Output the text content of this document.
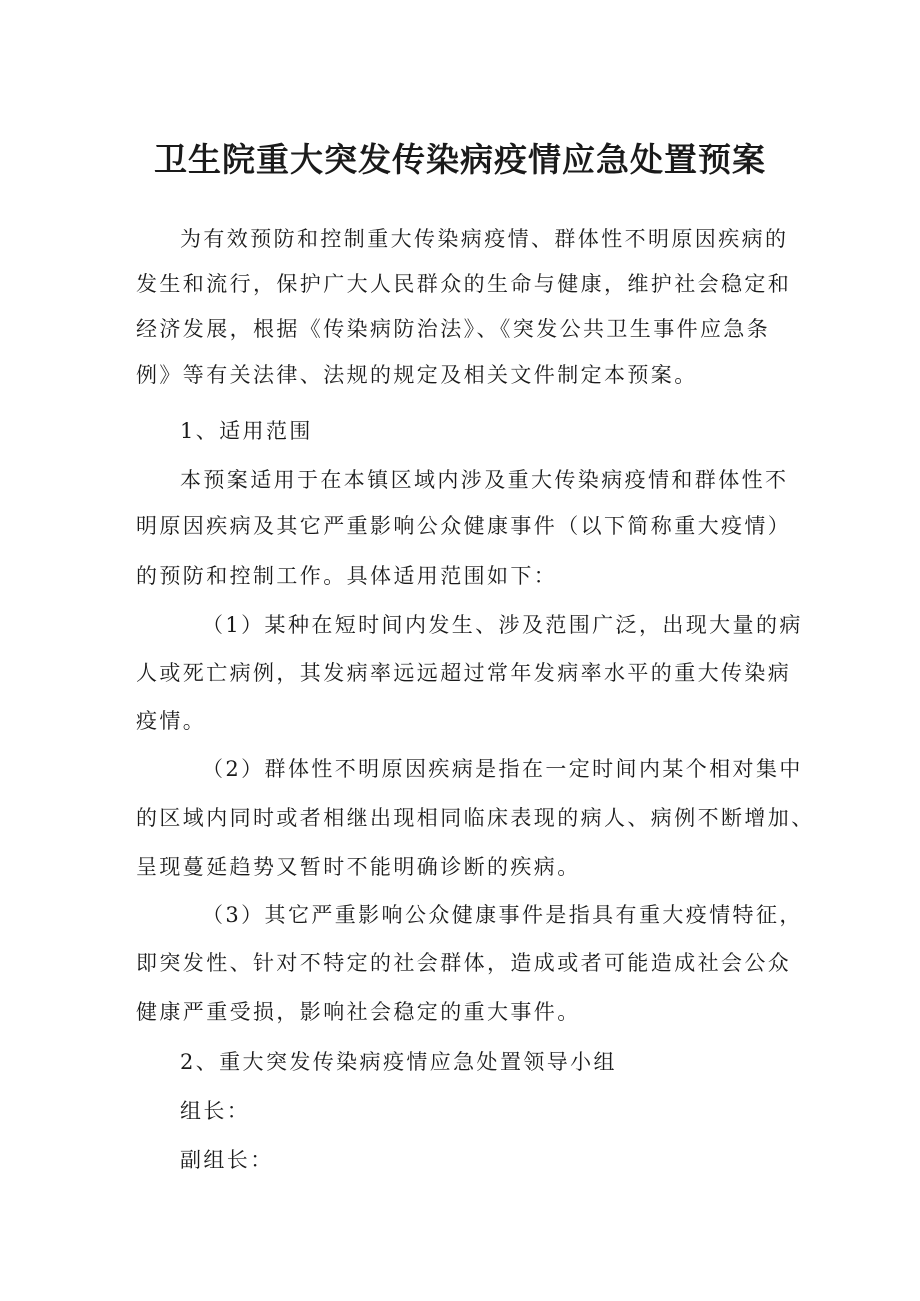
卫生院重大突发传染病疫情应急处置预案

为有效预防和控制重大传染病疫情、群体性不明原因疾病的

发生和流行，保护广大人民群众的生命与健康，维护社会稳定和

经济发展，根据《传染病防治法》、《突发公共卫生事件应急条

例》等有关法律、法规的规定及相关文件制定本预案。

1、适用范围

本预案适用于在本镇区域内涉及重大传染病疫情和群体性不

明原因疾病及其它严重影响公众健康事件（以下简称重大疫情）

的预防和控制工作。具体适用范围如下：

（1）某种在短时间内发生、涉及范围广泛，出现大量的病

人或死亡病例，其发病率远远超过常年发病率水平的重大传染病

疫情。

（2）群体性不明原因疾病是指在一定时间内某个相对集中

的区域内同时或者相继出现相同临床表现的病人、病例不断增加、

呈现蔓延趋势又暂时不能明确诊断的疾病。

（3）其它严重影响公众健康事件是指具有重大疫情特征，

即突发性、针对不特定的社会群体，造成或者可能造成社会公众

健康严重受损，影响社会稳定的重大事件。

2、重大突发传染病疫情应急处置领导小组

组长：

副组长：
